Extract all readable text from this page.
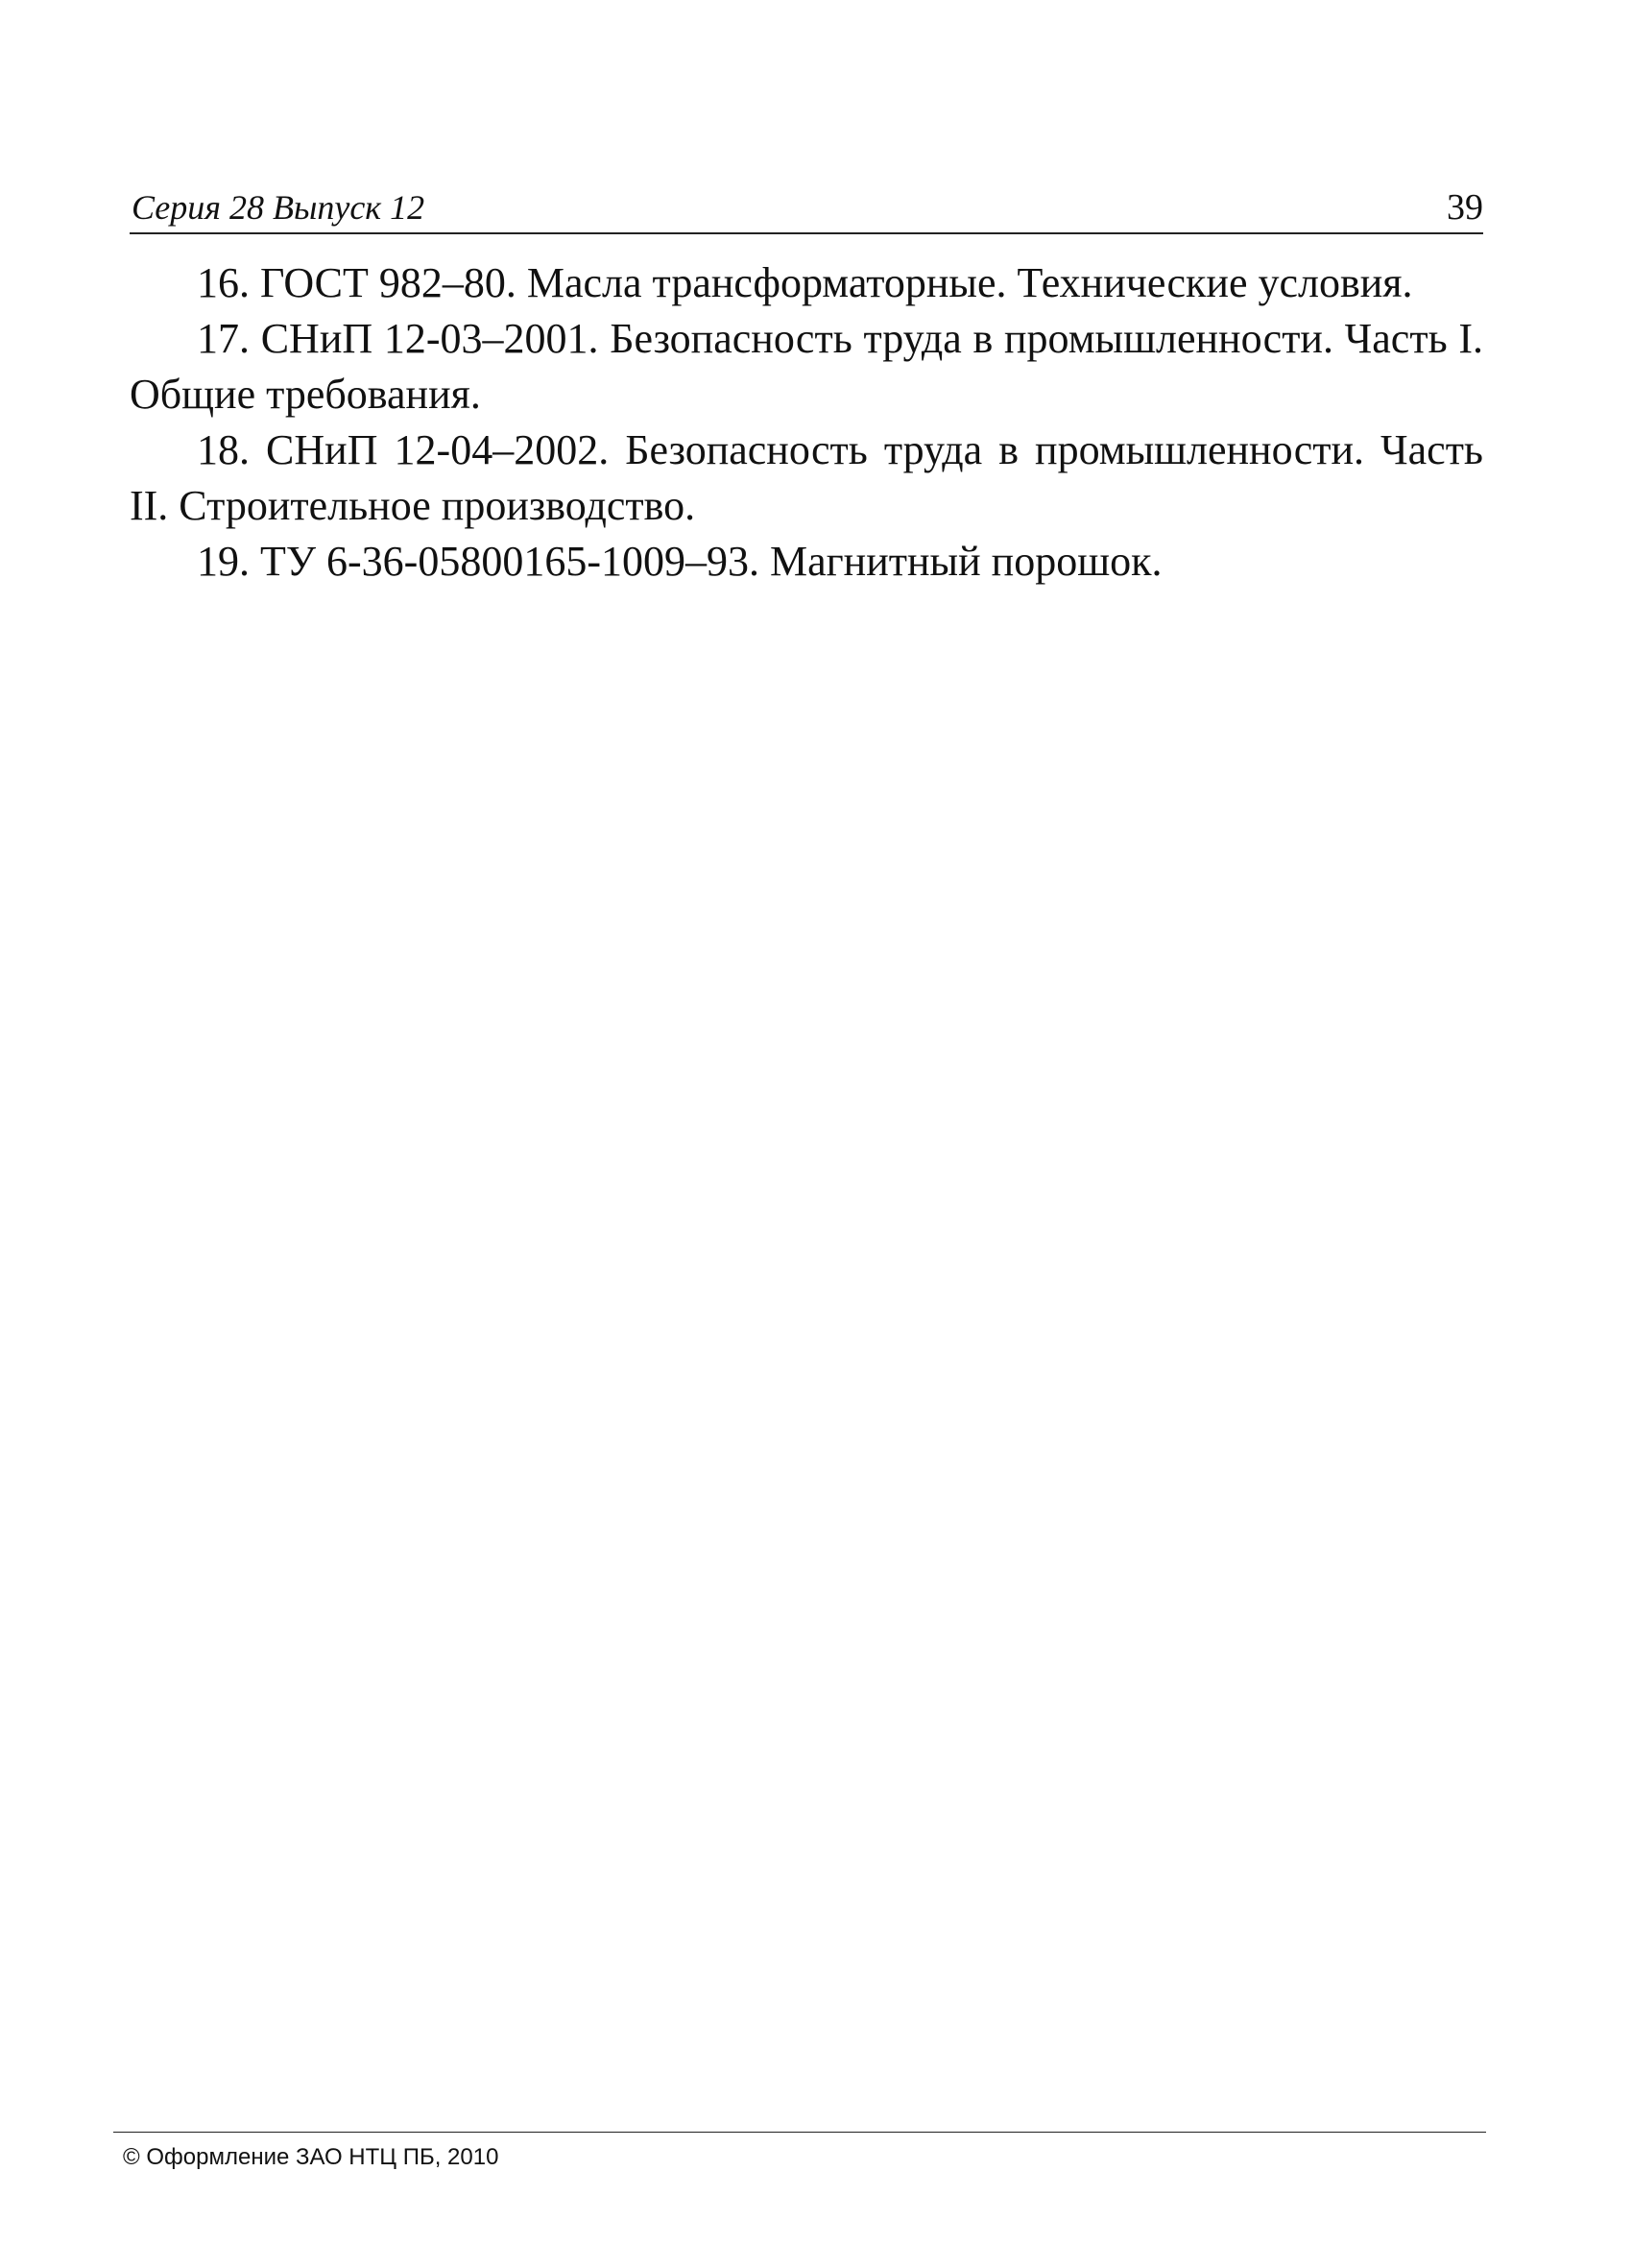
Серия 28 Выпуск 12	39

16. ГОСТ 982–80. Масла трансформаторные. Технические условия.

17. СНиП 12-03–2001. Безопасность труда в промышленности. Часть I. Общие требования.

18. СНиП 12-04–2002. Безопасность труда в промышленности. Часть II. Строительное производство.

19. ТУ 6-36-05800165-1009–93. Магнитный порошок.

© Оформление ЗАО НТЦ ПБ, 2010
